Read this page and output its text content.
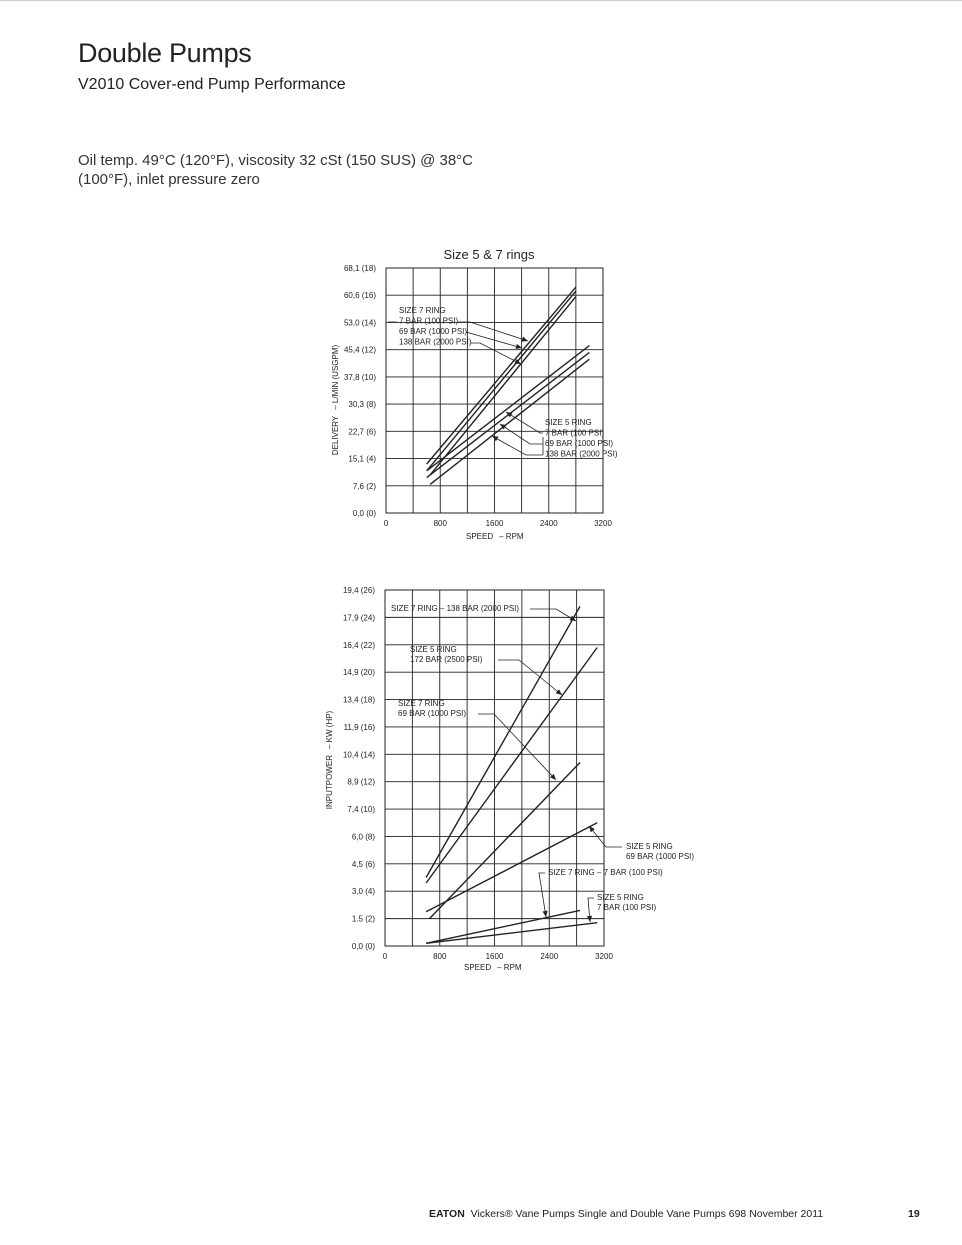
Double Pumps
V2010 Cover-end Pump Performance
Oil temp. 49°C (120°F), viscosity 32 cSt (150 SUS) @ 38°C
(100°F), inlet pressure zero
0,0 (0)
7,6 (2)
15,1 (4)
22,7 (6)
30,3 (8)
37,8 (10)
45,4 (12)
53,0 (14)
60,6 (16)
68,1 (18)
0	800	1600	2400	3200
SPEED – RPM
DELIVERY– L/MIN (USGPM)
Size 5 & 7 rings
SIZE 7 RING
7 BAR (100 PSI)
69 BAR (1000 PSI)
138 BAR (2000 PSI)
SIZE 5 RING
7 BAR (100 PSI)
69 BAR (1000 PSI)
138 BAR (2000 PSI)
0,0 (0)
1.5 (2)
3,0 (4)
4,5 (6)
6,0 (8)
7,4 (10)
8,9 (12)
10,4 (14)
11,9 (16)
13,4 (18)
14,9 (20)
16,4 (22)
17,9 (24)
19,4 (26)
0	800	1600	2400	3200
SPEED – RPM
INPUTPOWER– KW (HP)
SIZE 7 RING – 138 BAR (2000 PSI)
SIZE 5 RING
172 BAR (2500 PSI)
SIZE 7 RING
69 BAR (1000 PSI)
SIZE 5 RING
69 BAR (1000 PSI)
SIZE 7 RING – 7 BAR (100 PSI)
SIZE 5 RING
7 BAR (100 PSI)
EATON Vickers® Vane Pumps Single and Double Vane Pumps 698 November 2011	19
